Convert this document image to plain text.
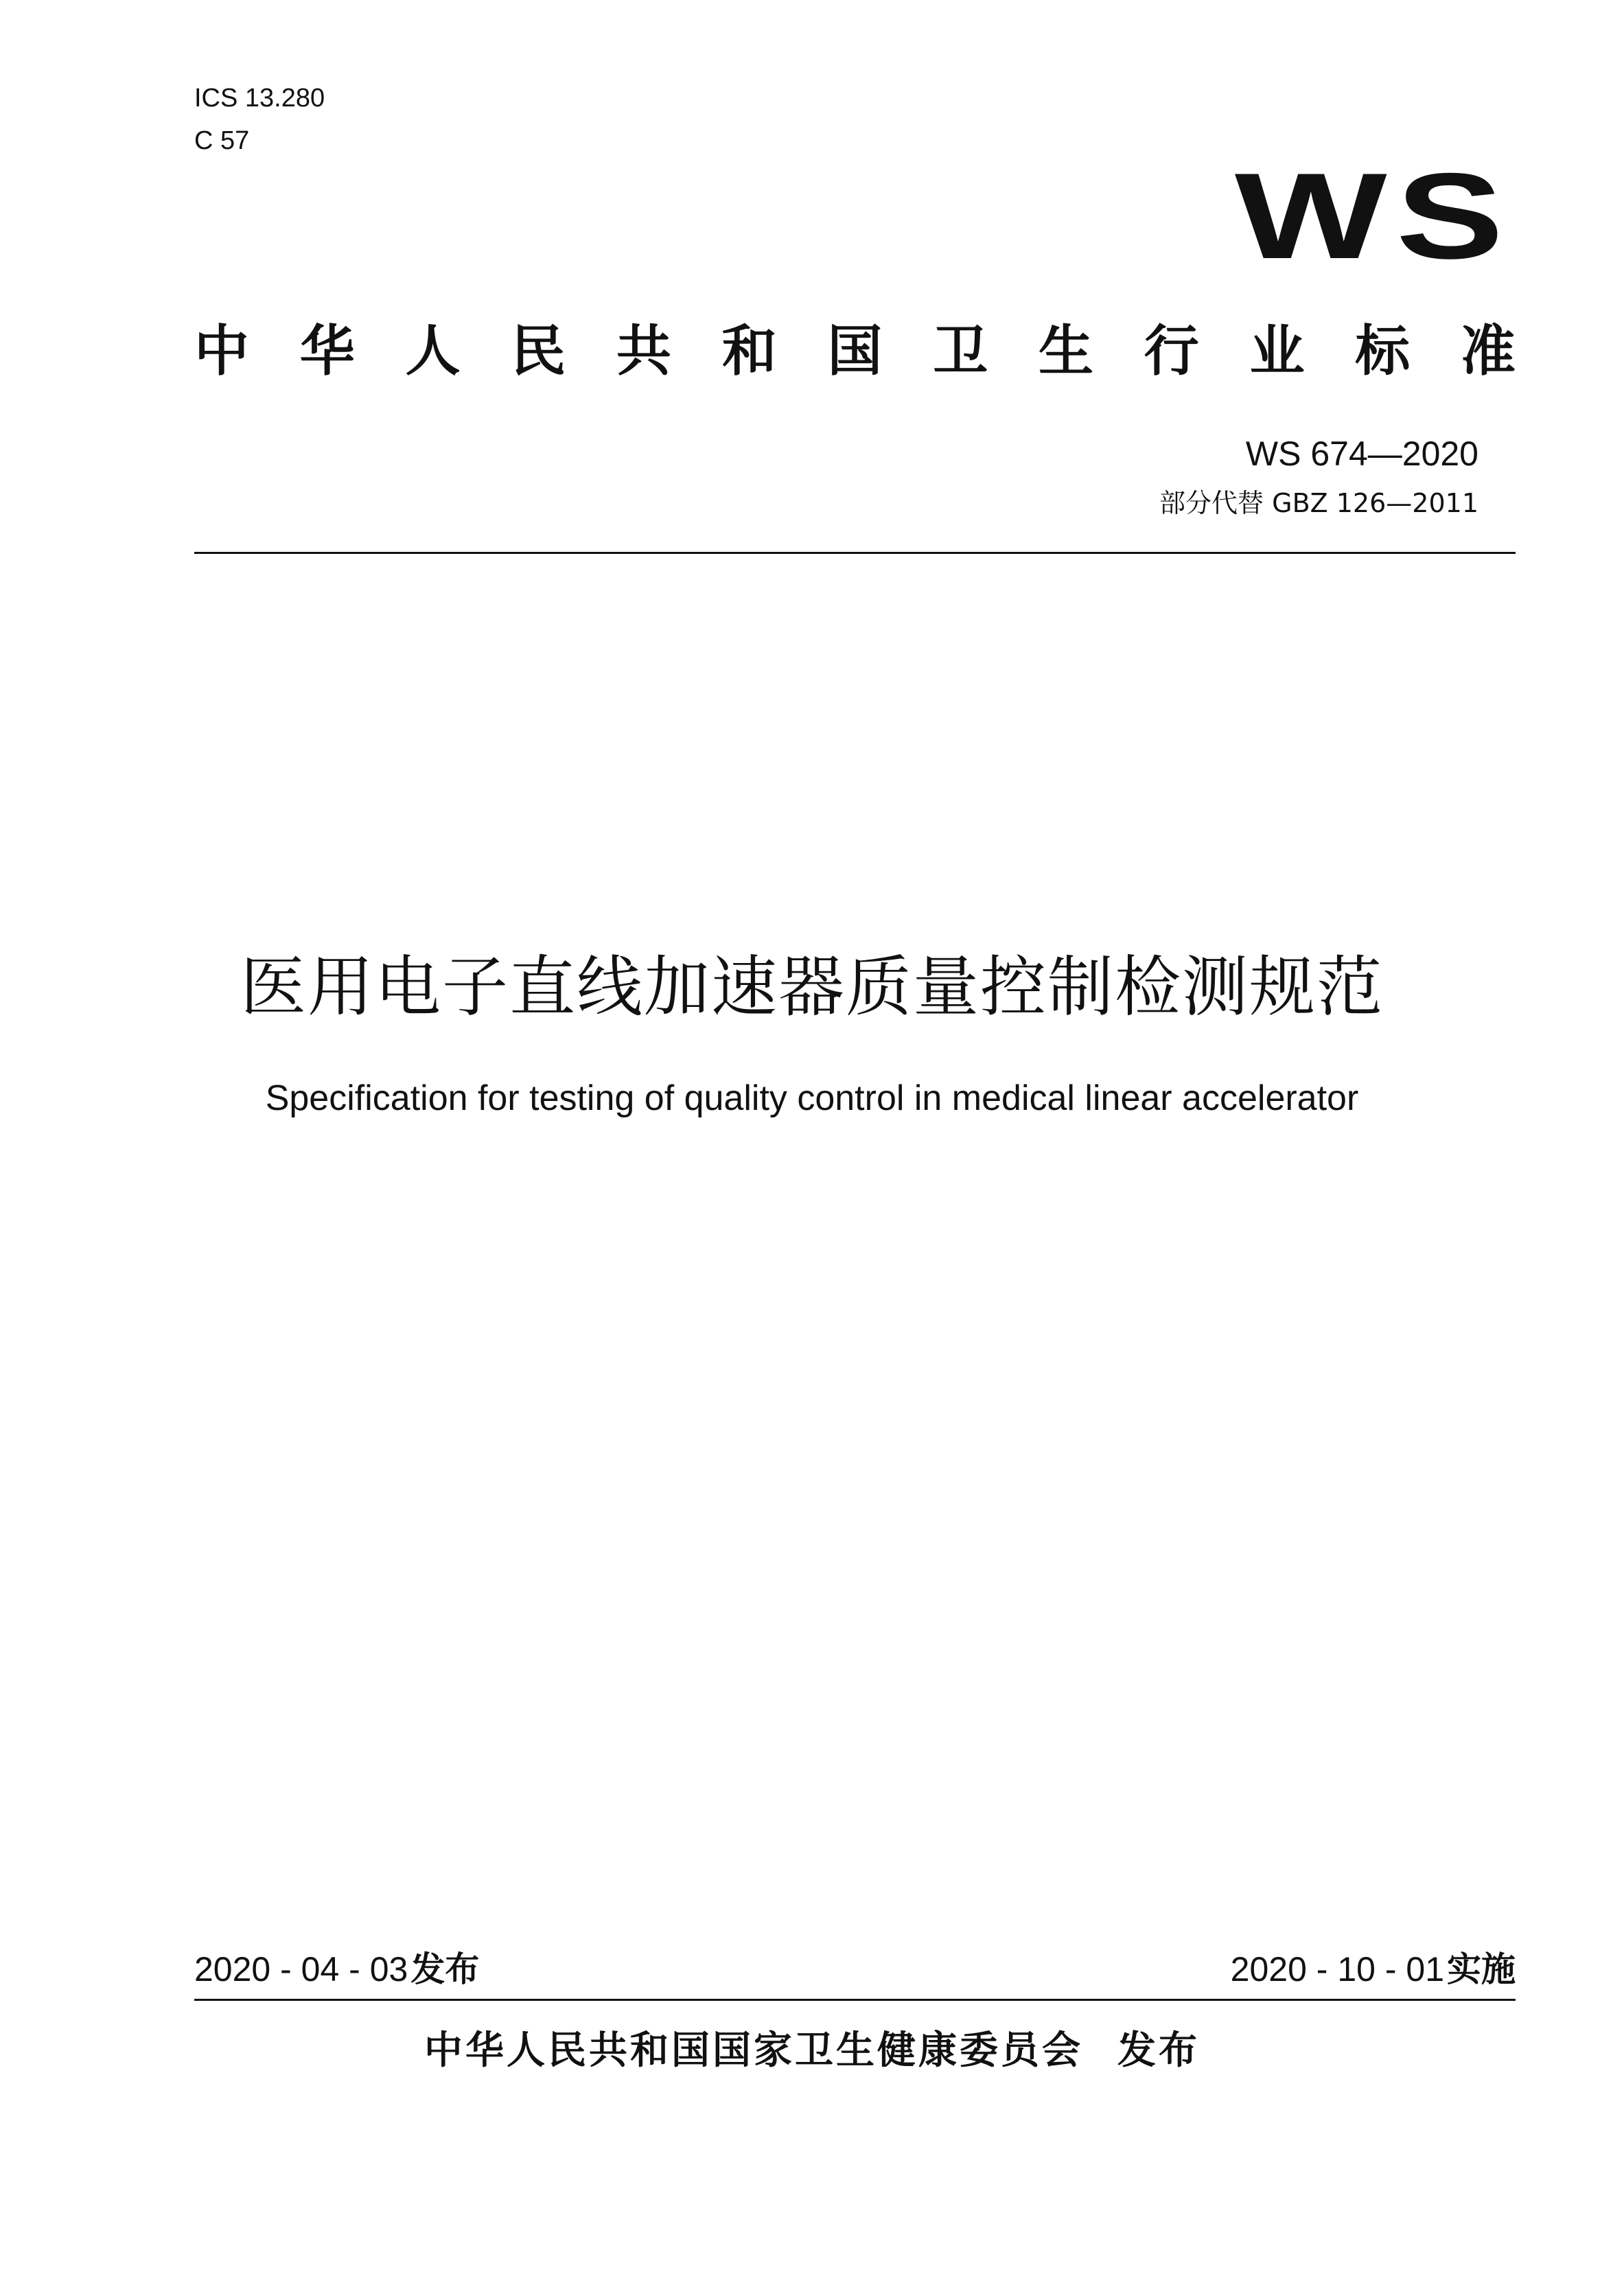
ICS 13.280
C 57
WS
中 华 人 民 共 和 国 卫 生 行 业 标 准
WS 674—2020
部分代替 GBZ 126—2011
医用电子直线加速器质量控制检测规范
Specification for testing of quality control in medical linear accelerator
2020 - 04 - 03发布	2020 - 10 - 01实施
中华人民共和国国家卫生健康委员会 发布
